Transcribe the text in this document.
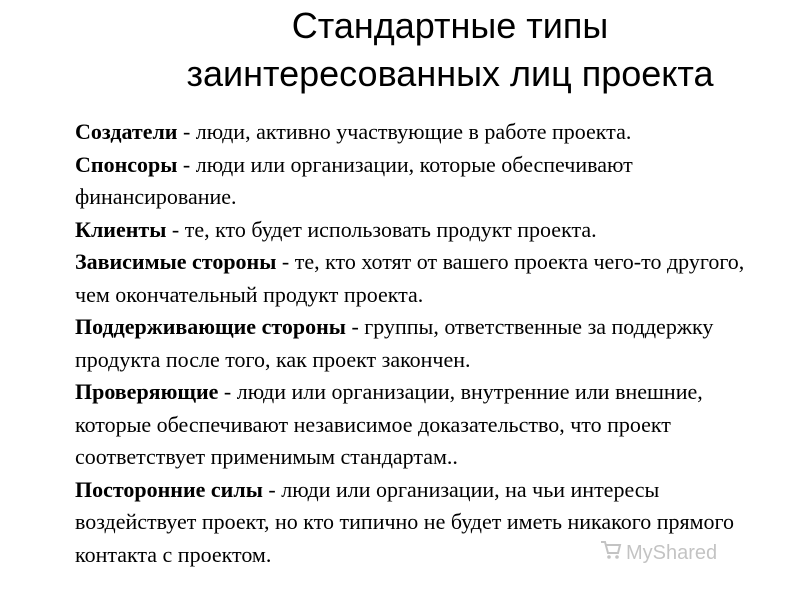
Стандартные типы
заинтересованных лиц проекта

Создатели - люди, активно участвующие в работе проекта.

Спонсоры - люди или организации, которые обеспечивают финансирование.

Клиенты - те, кто будет использовать продукт проекта.

Зависимые стороны - те, кто хотят от вашего проекта чего-то другого, чем окончательный продукт проекта.

Поддерживающие стороны - группы, ответственные за поддержку продукта после того, как проект закончен.

Проверяющие - люди или организации, внутренние или внешние, которые обеспечивают независимое доказательство, что проект соответствует применимым стандартам..

Посторонние силы - люди или организации, на чьи интересы воздействует проект, но кто типично не будет иметь никакого прямого контакта с проектом.	MyShared
